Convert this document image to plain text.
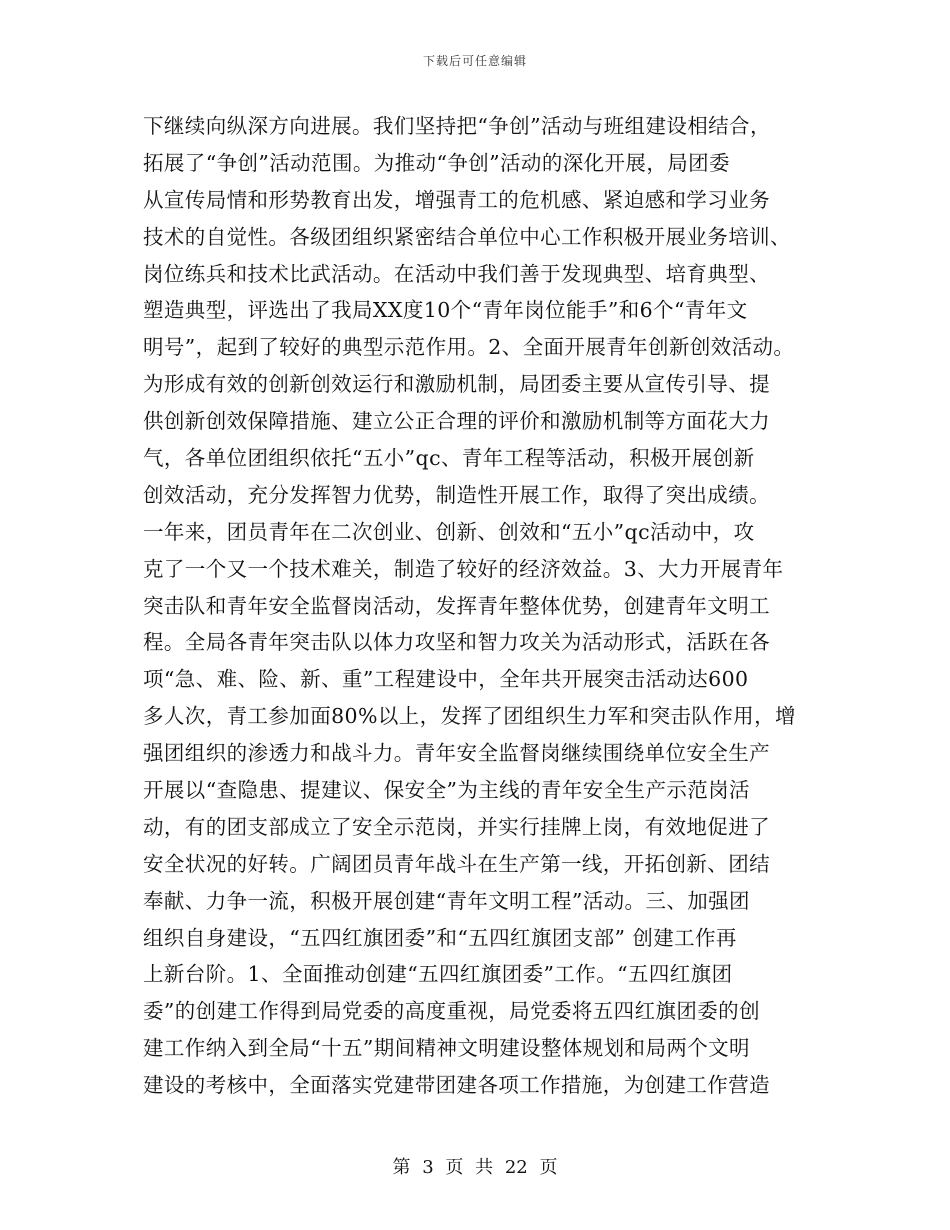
下载后可任意编辑
下继续向纵深方向进展。我们坚持把“争创”活动与班组建设相结合，
拓展了“争创”活动范围。为推动“争创”活动的深化开展，局团委
从宣传局情和形势教育出发，增强青工的危机感、紧迫感和学习业务
技术的自觉性。各级团组织紧密结合单位中心工作积极开展业务培训、
岗位练兵和技术比武活动。在活动中我们善于发现典型、培育典型、
塑造典型，评选出了我局XX度10个“青年岗位能手”和6个“青年文
明号”，起到了较好的典型示范作用。2、全面开展青年创新创效活动。
为形成有效的创新创效运行和激励机制，局团委主要从宣传引导、提
供创新创效保障措施、建立公正合理的评价和激励机制等方面花大力
气，各单位团组织依托“五小”qc、青年工程等活动，积极开展创新
创效活动，充分发挥智力优势，制造性开展工作，取得了突出成绩。
一年来，团员青年在二次创业、创新、创效和“五小”qc活动中，攻
克了一个又一个技术难关，制造了较好的经济效益。3、大力开展青年
突击队和青年安全监督岗活动，发挥青年整体优势，创建青年文明工
程。全局各青年突击队以体力攻坚和智力攻关为活动形式，活跃在各
项“急、难、险、新、重”工程建设中，全年共开展突击活动达600
多人次，青工参加面80%以上，发挥了团组织生力军和突击队作用，增
强团组织的渗透力和战斗力。青年安全监督岗继续围绕单位安全生产
开展以“查隐患、提建议、保安全”为主线的青年安全生产示范岗活
动，有的团支部成立了安全示范岗，并实行挂牌上岗，有效地促进了
安全状况的好转。广阔团员青年战斗在生产第一线，开拓创新、团结
奉献、力争一流，积极开展创建“青年文明工程”活动。三、加强团
组织自身建设，“五四红旗团委”和“五四红旗团支部” 创建工作再
上新台阶。1、全面推动创建“五四红旗团委”工作。“五四红旗团
委”的创建工作得到局党委的高度重视，局党委将五四红旗团委的创
建工作纳入到全局“十五”期间精神文明建设整体规划和局两个文明
建设的考核中，全面落实党建带团建各项工作措施，为创建工作营造
第 3 页 共 22 页
